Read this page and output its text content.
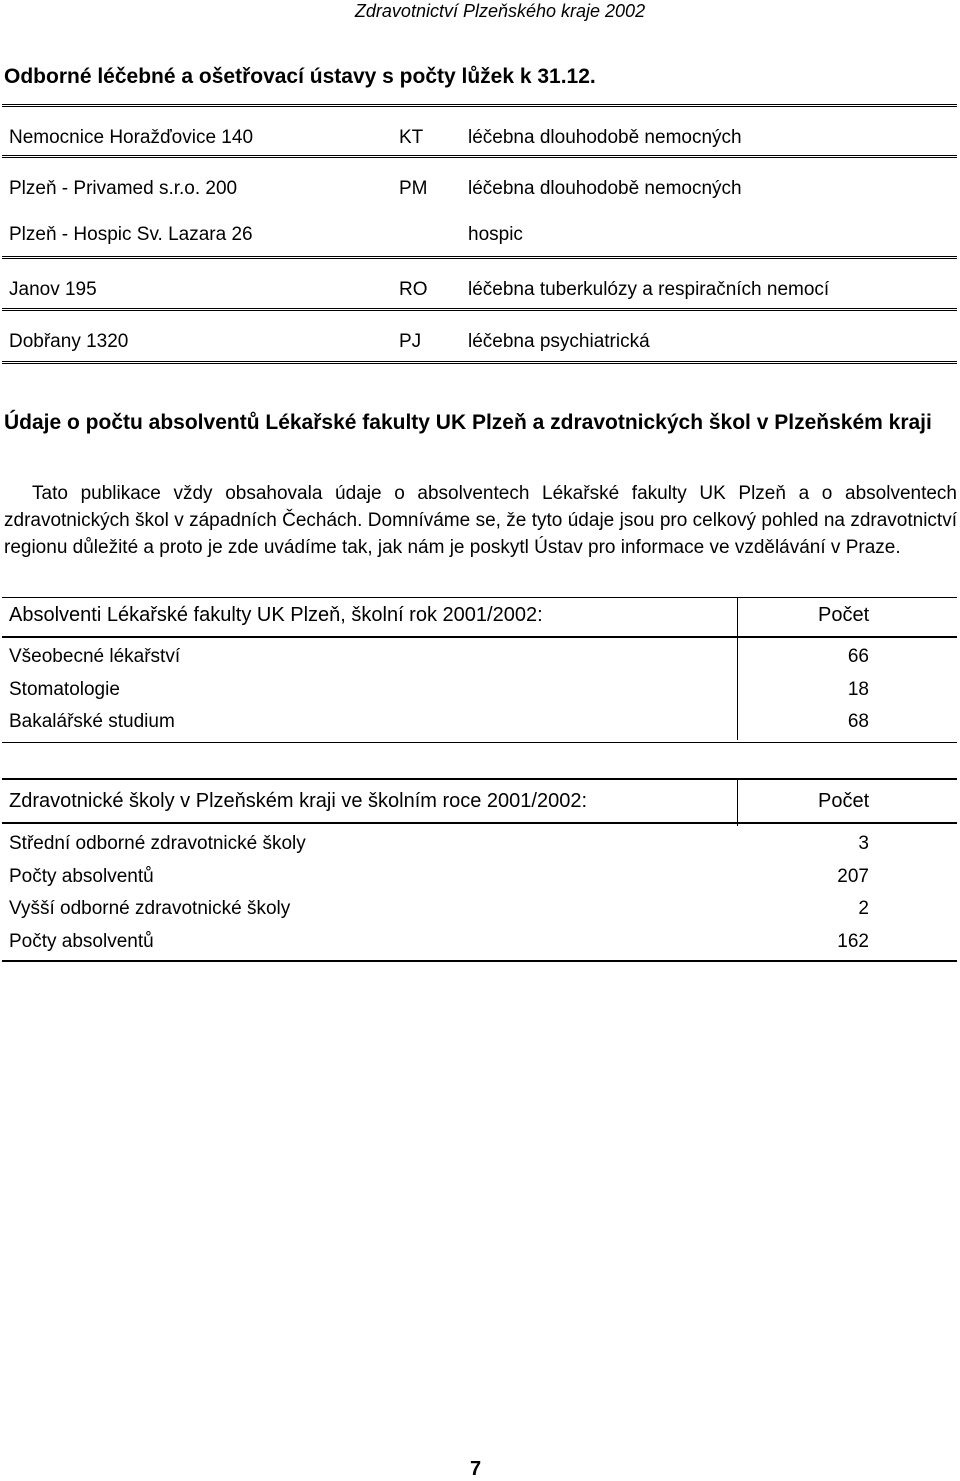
Zdravotnictví Plzeňského kraje 2002
Odborné léčebné a ošetřovací ústavy s počty lůžek k 31.12.
Nemocnice Horažďovice 140	KT léčebna dlouhodobě nemocných
Plzeň - Privamed s.r.o. 200	PM léčebna dlouhodobě nemocných
Plzeň - Hospic Sv. Lazara 26	hospic
Janov 195	RO léčebna tuberkulózy a respiračních nemocí
Dobřany 1320	PJ léčebna psychiatrická
Údaje o počtu absolventů Lékařské fakulty UK Plzeň a zdravotnických škol v Plzeňském kraji

Tato publikace vždy obsahovala údaje o absolventech Lékařské fakulty UK Plzeň a o absolventech zdravotnických škol v západních Čechách. Domníváme se, že tyto údaje jsou pro celkový pohled na zdravotnictví regionu důležité a proto je zde uvádíme tak, jak nám je poskytl Ústav pro informace ve vzdělávání v Praze.

Absolventi Lékařské fakulty UK Plzeň, školní rok 2001/2002:	Počet
Všeobecné lékařství	66
Stomatologie	18
Bakalářské studium	68
Zdravotnické školy v Plzeňském kraji ve školním roce 2001/2002:	Počet
Střední odborné zdravotnické školy	3
Počty absolventů	207
Vyšší odborné zdravotnické školy	2
Počty absolventů	162
7
